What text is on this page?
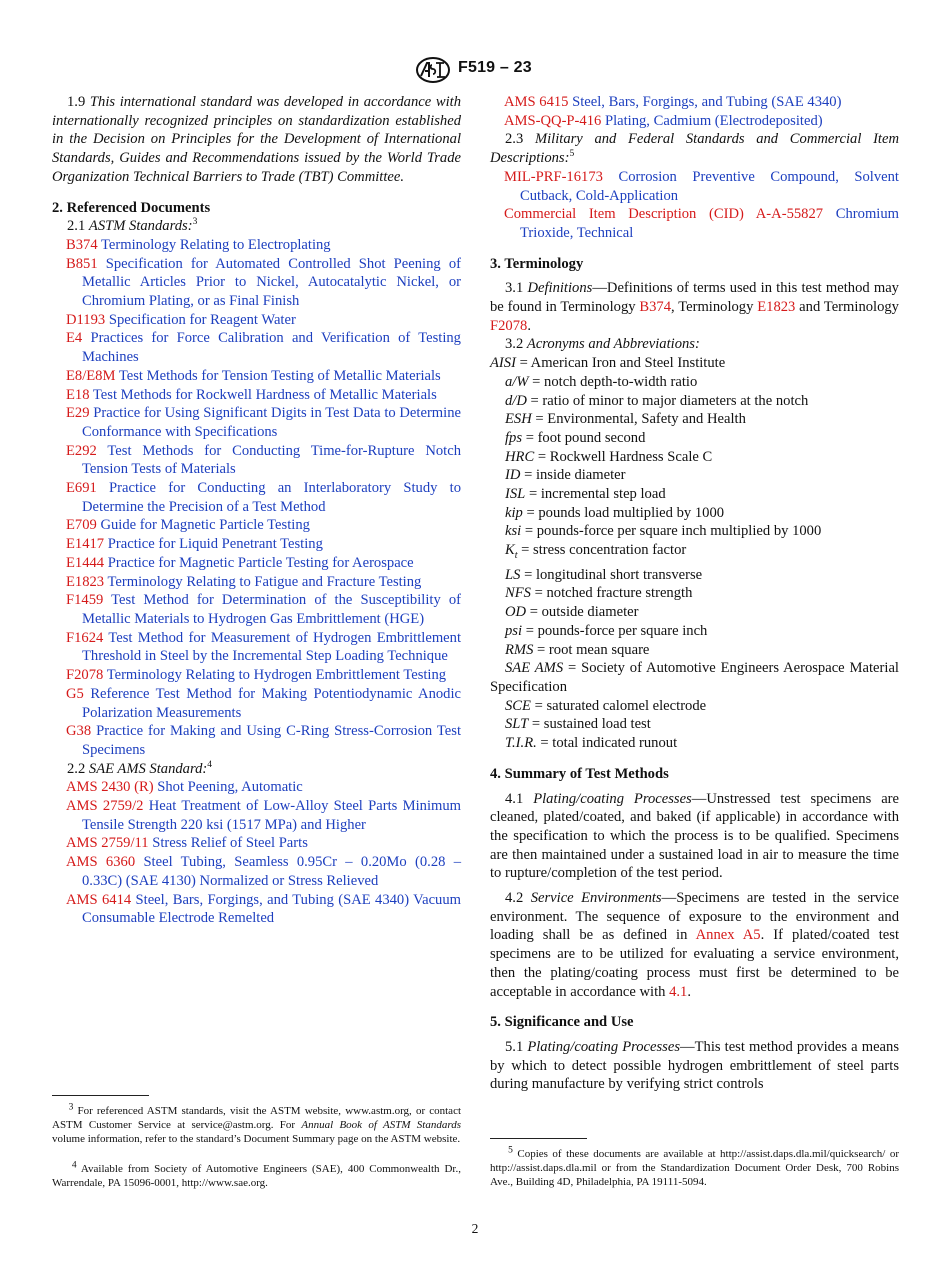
F519 – 23

1.9 This international standard was developed in accordance with internationally recognized principles on standardization established in the Decision on Principles for the Development of International Standards, Guides and Recommendations issued by the World Trade Organization Technical Barriers to Trade (TBT) Committee.

2. Referenced Documents

2.1 ASTM Standards:$^3$

B374 Terminology Relating to Electroplating

B851 Specification for Automated Controlled Shot Peening of Metallic Articles Prior to Nickel, Autocatalytic Nickel, or Chromium Plating, or as Final Finish

D1193 Specification for Reagent Water

E4 Practices for Force Calibration and Verification of Testing Machines

E8/E8M Test Methods for Tension Testing of Metallic Materials

E18 Test Methods for Rockwell Hardness of Metallic Materials

E29 Practice for Using Significant Digits in Test Data to Determine Conformance with Specifications

E292 Test Methods for Conducting Time-for-Rupture Notch Tension Tests of Materials

E691 Practice for Conducting an Interlaboratory Study to Determine the Precision of a Test Method

E709 Guide for Magnetic Particle Testing

E1417 Practice for Liquid Penetrant Testing

E1444 Practice for Magnetic Particle Testing for Aerospace

E1823 Terminology Relating to Fatigue and Fracture Testing

F1459 Test Method for Determination of the Susceptibility of Metallic Materials to Hydrogen Gas Embrittlement (HGE)

F1624 Test Method for Measurement of Hydrogen Embrittlement Threshold in Steel by the Incremental Step Loading Technique

F2078 Terminology Relating to Hydrogen Embrittlement Testing

G5 Reference Test Method for Making Potentiodynamic Anodic Polarization Measurements

G38 Practice for Making and Using C-Ring Stress-Corrosion Test Specimens

2.2 SAE AMS Standard:$^4$

AMS 2430 (R) Shot Peening, Automatic

AMS 2759/2 Heat Treatment of Low-Alloy Steel Parts Minimum Tensile Strength 220 ksi (1517 MPa) and Higher

AMS 2759/11 Stress Relief of Steel Parts

AMS 6360 Steel Tubing, Seamless 0.95Cr – 0.20Mo (0.28 – 0.33C) (SAE 4130) Normalized or Stress Relieved

AMS 6414 Steel, Bars, Forgings, and Tubing (SAE 4340) Vacuum Consumable Electrode Remelted

$^3$ For referenced ASTM standards, visit the ASTM website, www.astm.org, or contact ASTM Customer Service at service@astm.org. For Annual Book of ASTM Standards volume information, refer to the standard’s Document Summary page on the ASTM website.
$^4$ Available from Society of Automotive Engineers (SAE), 400 Commonwealth Dr., Warrendale, PA 15096-0001, http://www.sae.org.

AMS 6415 Steel, Bars, Forgings, and Tubing (SAE 4340)

AMS-QQ-P-416 Plating, Cadmium (Electrodeposited)

2.3 Military and Federal Standards and Commercial Item Descriptions:$^5$

MIL-PRF-16173 Corrosion Preventive Compound, Solvent Cutback, Cold-Application

Commercial Item Description (CID) A-A-55827 Chromium Trioxide, Technical

3. Terminology

3.1 Definitions—Definitions of terms used in this test method may be found in Terminology B374, Terminology E1823 and Terminology F2078.

3.2 Acronyms and Abbreviations:

AISI = American Iron and Steel Institute

a/W = notch depth-to-width ratio

d/D = ratio of minor to major diameters at the notch

ESH = Environmental, Safety and Health

fps = foot pound second

HRC = Rockwell Hardness Scale C

ID = inside diameter

ISL = incremental step load

kip = pounds load multiplied by 1000

ksi = pounds-force per square inch multiplied by 1000

$K_t$ = stress concentration factor

LS = longitudinal short transverse

NFS = notched fracture strength

OD = outside diameter

psi = pounds-force per square inch

RMS = root mean square

SAE AMS = Society of Automotive Engineers Aerospace Material Specification

SCE = saturated calomel electrode

SLT = sustained load test

T.I.R. = total indicated runout

4. Summary of Test Methods

4.1 Plating/coating Processes—Unstressed test specimens are cleaned, plated/coated, and baked (if applicable) in accordance with the specification to which the process is to be qualified. Specimens are then maintained under a sustained load in air to measure the time to rupture/completion of the test period.

4.2 Service Environments—Specimens are tested in the service environment. The sequence of exposure to the environment and loading shall be as defined in Annex A5. If plated/coated test specimens are to be utilized for evaluating a service environment, then the plating/coating process must first be determined to be acceptable in accordance with 4.1.

5. Significance and Use

5.1 Plating/coating Processes—This test method provides a means by which to detect possible hydrogen embrittlement of steel parts during manufacture by verifying strict controls

$^5$ Copies of these documents are available at http://assist.daps.dla.mil/quicksearch/ or http://assist.daps.dla.mil or from the Standardization Document Order Desk, 700 Robins Ave., Building 4D, Philadelphia, PA 19111-5094.
2
